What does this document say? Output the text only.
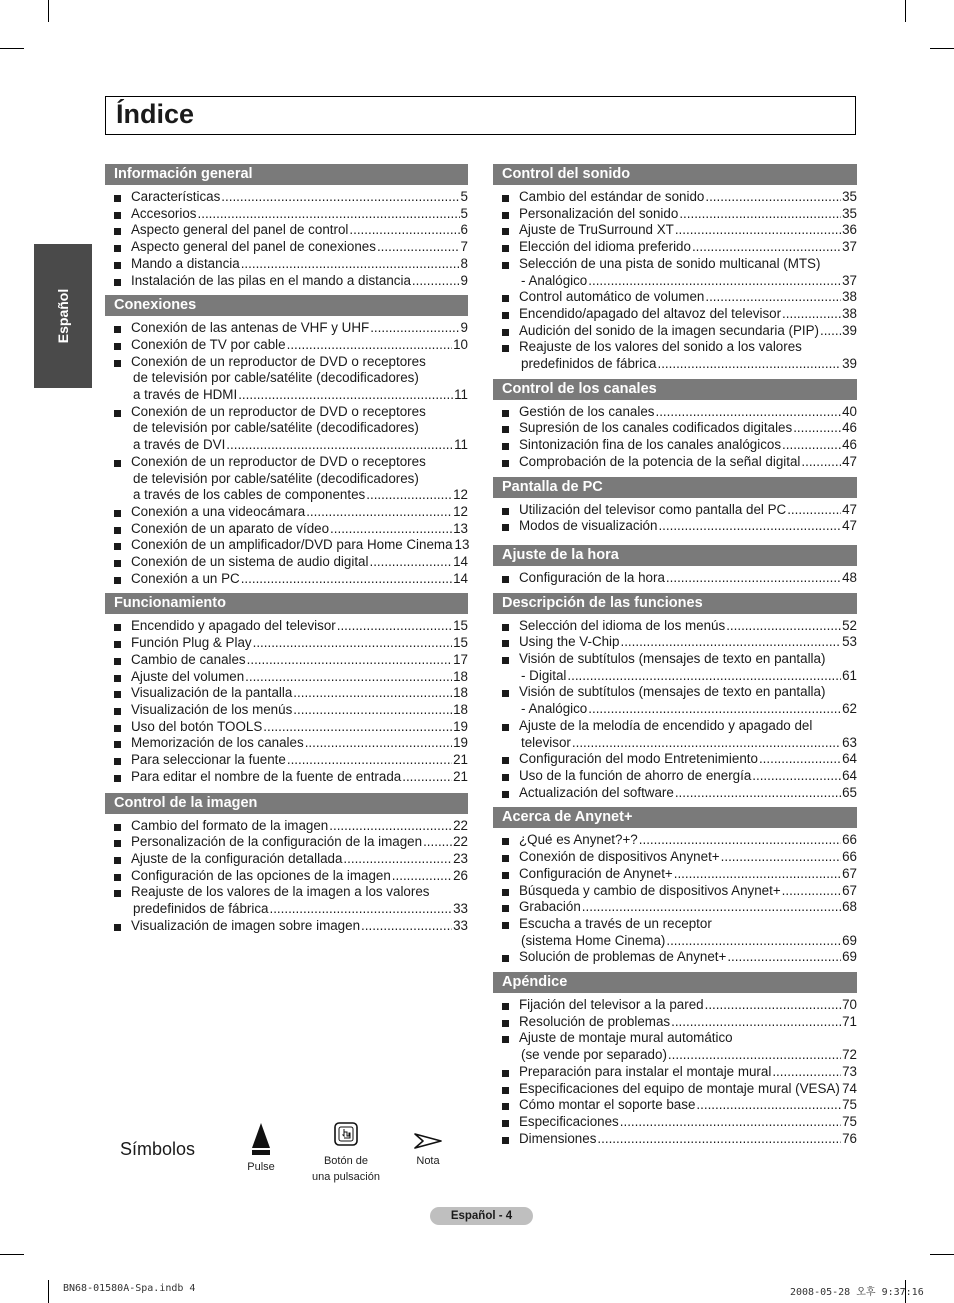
Índice
Español
Información general
Características .....	5
Accesorios .....	5
Aspecto general del panel de control .....	6
Aspecto general del panel de conexiones .....	7
Mando a distancia .....	8
Instalación de las pilas en el mando a distancia .....	9
Conexiones
Conexión de las antenas de VHF y UHF .....	9
Conexión de TV por cable .....	10
Conexión de un reproductor de DVD o receptores
de televisión por cable/satélite (decodificadores)
a través de HDMI .....	11
Conexión de un reproductor de DVD o receptores
de televisión por cable/satélite (decodificadores)
a través de DVI .....	11
Conexión de un reproductor de DVD o receptores
de televisión por cable/satélite (decodificadores)
a través de los cables de componentes .....	12
Conexión a una videocámara .....	12
Conexión de un aparato de vídeo .....	13
Conexión de un amplificador/DVD para Home Cinema 13
Conexión de un sistema de audio digital .....	14
Conexión a un PC .....	14
Funcionamiento
Encendido y apagado del televisor .....	15
Función Plug & Play .....	15
Cambio de canales .....	17
Ajuste del volumen .....	18
Visualización de la pantalla .....	18
Visualización de los menús .....	18
Uso del botón TOOLS .....	19
Memorización de los canales .....	19
Para seleccionar la fuente .....	21
Para editar el nombre de la fuente de entrada .....	21
Control de la imagen
Cambio del formato de la imagen .....	22
Personalización de la configuración de la imagen ..... 22
Ajuste de la configuración detallada .....	23
Configuración de las opciones de la imagen .....	26
Reajuste de los valores de la imagen a los valores
predefinidos de fábrica .....	33
Visualización de imagen sobre imagen .....	33
Control del sonido
Cambio del estándar de sonido .....	35
Personalización del sonido .....	35
Ajuste de TruSurround XT .....	36
Elección del idioma preferido .....	37
Selección de una pista de sonido multicanal (MTS)
- Analógico .....	37
Control automático de volumen .....	38
Encendido/apagado del altavoz del televisor .....	38
Audición del sonido de la imagen secundaria (PIP) ..... 39
Reajuste de los valores del sonido a los valores
predefinidos de fábrica .....	39
Control de los canales
Gestión de los canales .....	40
Supresión de los canales codificados digitales .....	46
Sintonización fina de los canales analógicos .....	46
Comprobación de la potencia de la señal digital .....	47
Pantalla de PC
Utilización del televisor como pantalla del PC .....	47
Modos de visualización .....	47
Ajuste de la hora
Configuración de la hora .....	48
Descripción de las funciones
Selección del idioma de los menús .....	52
Using the V-Chip .....	53
Visión de subtítulos (mensajes de texto en pantalla)
- Digital .....	61
Visión de subtítulos (mensajes de texto en pantalla)
- Analógico .....	62
Ajuste de la melodía de encendido y apagado del
televisor .....	63
Configuración del modo Entretenimiento .....	64
Uso de la función de ahorro de energía .....	64
Actualización del software .....	65
Acerca de Anynet+
¿Qué es Anynet?+? .....	66
Conexión de dispositivos Anynet+ .....	66
Configuración de Anynet+ .....	67
Búsqueda y cambio de dispositivos Anynet+ .....	67
Grabación .....	68
Escucha a través de un receptor
(sistema Home Cinema) .....	69
Solución de problemas de Anynet+ .....	69
Apéndice
Fijación del televisor a la pared .....	70
Resolución de problemas .....	71
Ajuste de montaje mural automático
(se vende por separado) .....	72
Preparación para instalar el montaje mural .....	73
Especificaciones del equipo de montaje mural (VESA) ..... 74
Cómo montar el soporte base .....	75
Especificaciones .....	75
Dimensiones .....	76
Símbolos
Pulse	Botón de
una pulsación
Nota
Español - 4
BN68-01580A-Spa.indb 4	2008-05-28 오후 9:37:16
